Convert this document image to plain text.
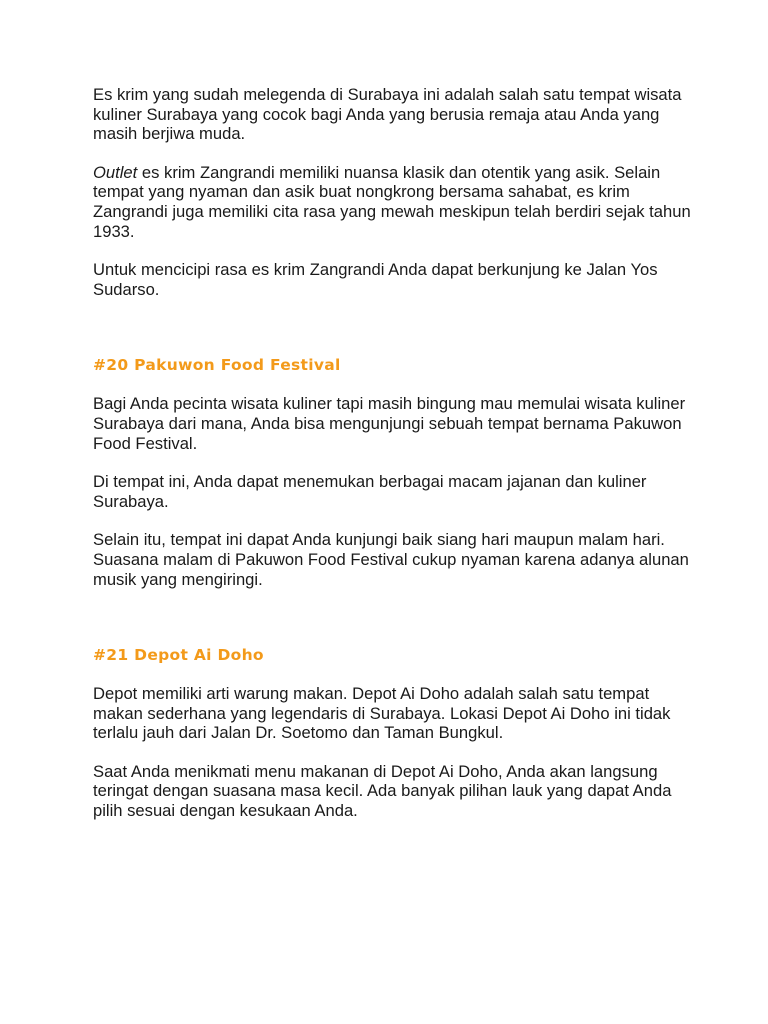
Es krim yang sudah melegenda di Surabaya ini adalah salah satu tempat wisata kuliner Surabaya yang cocok bagi Anda yang berusia remaja atau Anda yang masih berjiwa muda.

Outlet es krim Zangrandi memiliki nuansa klasik dan otentik yang asik. Selain tempat yang nyaman dan asik buat nongkrong bersama sahabat, es krim Zangrandi juga memiliki cita rasa yang mewah meskipun telah berdiri sejak tahun 1933.

Untuk mencicipi rasa es krim Zangrandi Anda dapat berkunjung ke Jalan Yos Sudarso.

#20 Pakuwon Food Festival

Bagi Anda pecinta wisata kuliner tapi masih bingung mau memulai wisata kuliner Surabaya dari mana, Anda bisa mengunjungi sebuah tempat bernama Pakuwon Food Festival.

Di tempat ini, Anda dapat menemukan berbagai macam jajanan dan kuliner Surabaya.

Selain itu, tempat ini dapat Anda kunjungi baik siang hari maupun malam hari. Suasana malam di Pakuwon Food Festival cukup nyaman karena adanya alunan musik yang mengiringi.

#21 Depot Ai Doho

Depot memiliki arti warung makan. Depot Ai Doho adalah salah satu tempat makan sederhana yang legendaris di Surabaya. Lokasi Depot Ai Doho ini tidak terlalu jauh dari Jalan Dr. Soetomo dan Taman Bungkul.

Saat Anda menikmati menu makanan di Depot Ai Doho, Anda akan langsung teringat dengan suasana masa kecil. Ada banyak pilihan lauk yang dapat Anda pilih sesuai dengan kesukaan Anda.
